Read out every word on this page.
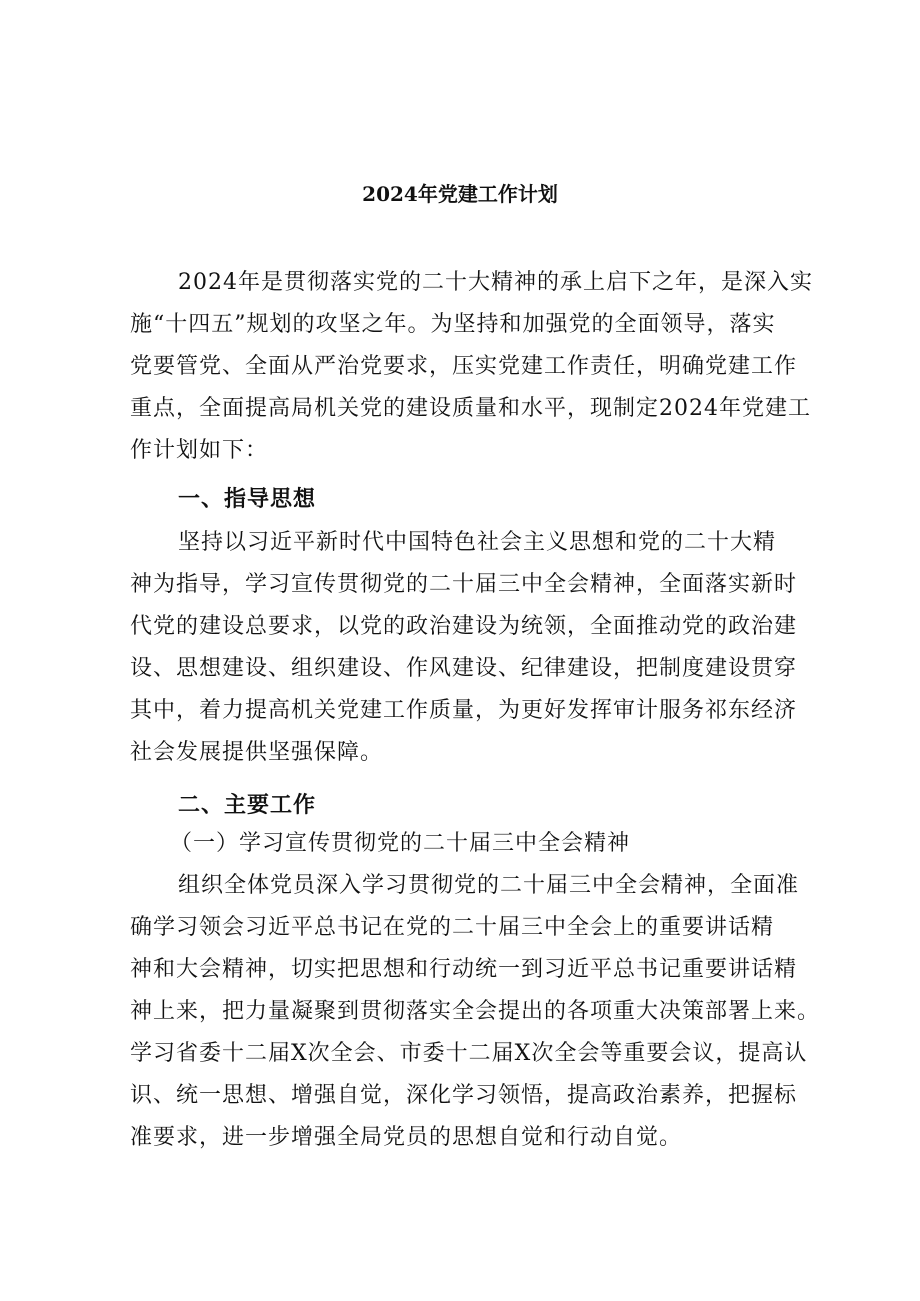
2024年党建工作计划
2024年是贯彻落实党的二十大精神的承上启下之年，是深入实
施“十四五”规划的攻坚之年。为坚持和加强党的全面领导，落实
党要管党、全面从严治党要求，压实党建工作责任，明确党建工作
重点，全面提高局机关党的建设质量和水平，现制定2024年党建工
作计划如下：
一、指导思想
坚持以习近平新时代中国特色社会主义思想和党的二十大精
神为指导，学习宣传贯彻党的二十届三中全会精神，全面落实新时
代党的建设总要求，以党的政治建设为统领，全面推动党的政治建
设、思想建设、组织建设、作风建设、纪律建设，把制度建设贯穿
其中，着力提高机关党建工作质量，为更好发挥审计服务祁东经济
社会发展提供坚强保障。
二、主要工作
（一）学习宣传贯彻党的二十届三中全会精神
组织全体党员深入学习贯彻党的二十届三中全会精神，全面准
确学习领会习近平总书记在党的二十届三中全会上的重要讲话精
神和大会精神，切实把思想和行动统一到习近平总书记重要讲话精
神上来，把力量凝聚到贯彻落实全会提出的各项重大决策部署上来。
学习省委十二届X次全会、市委十二届X次全会等重要会议，提高认
识、统一思想、增强自觉，深化学习领悟，提高政治素养，把握标
准要求，进一步增强全局党员的思想自觉和行动自觉。
